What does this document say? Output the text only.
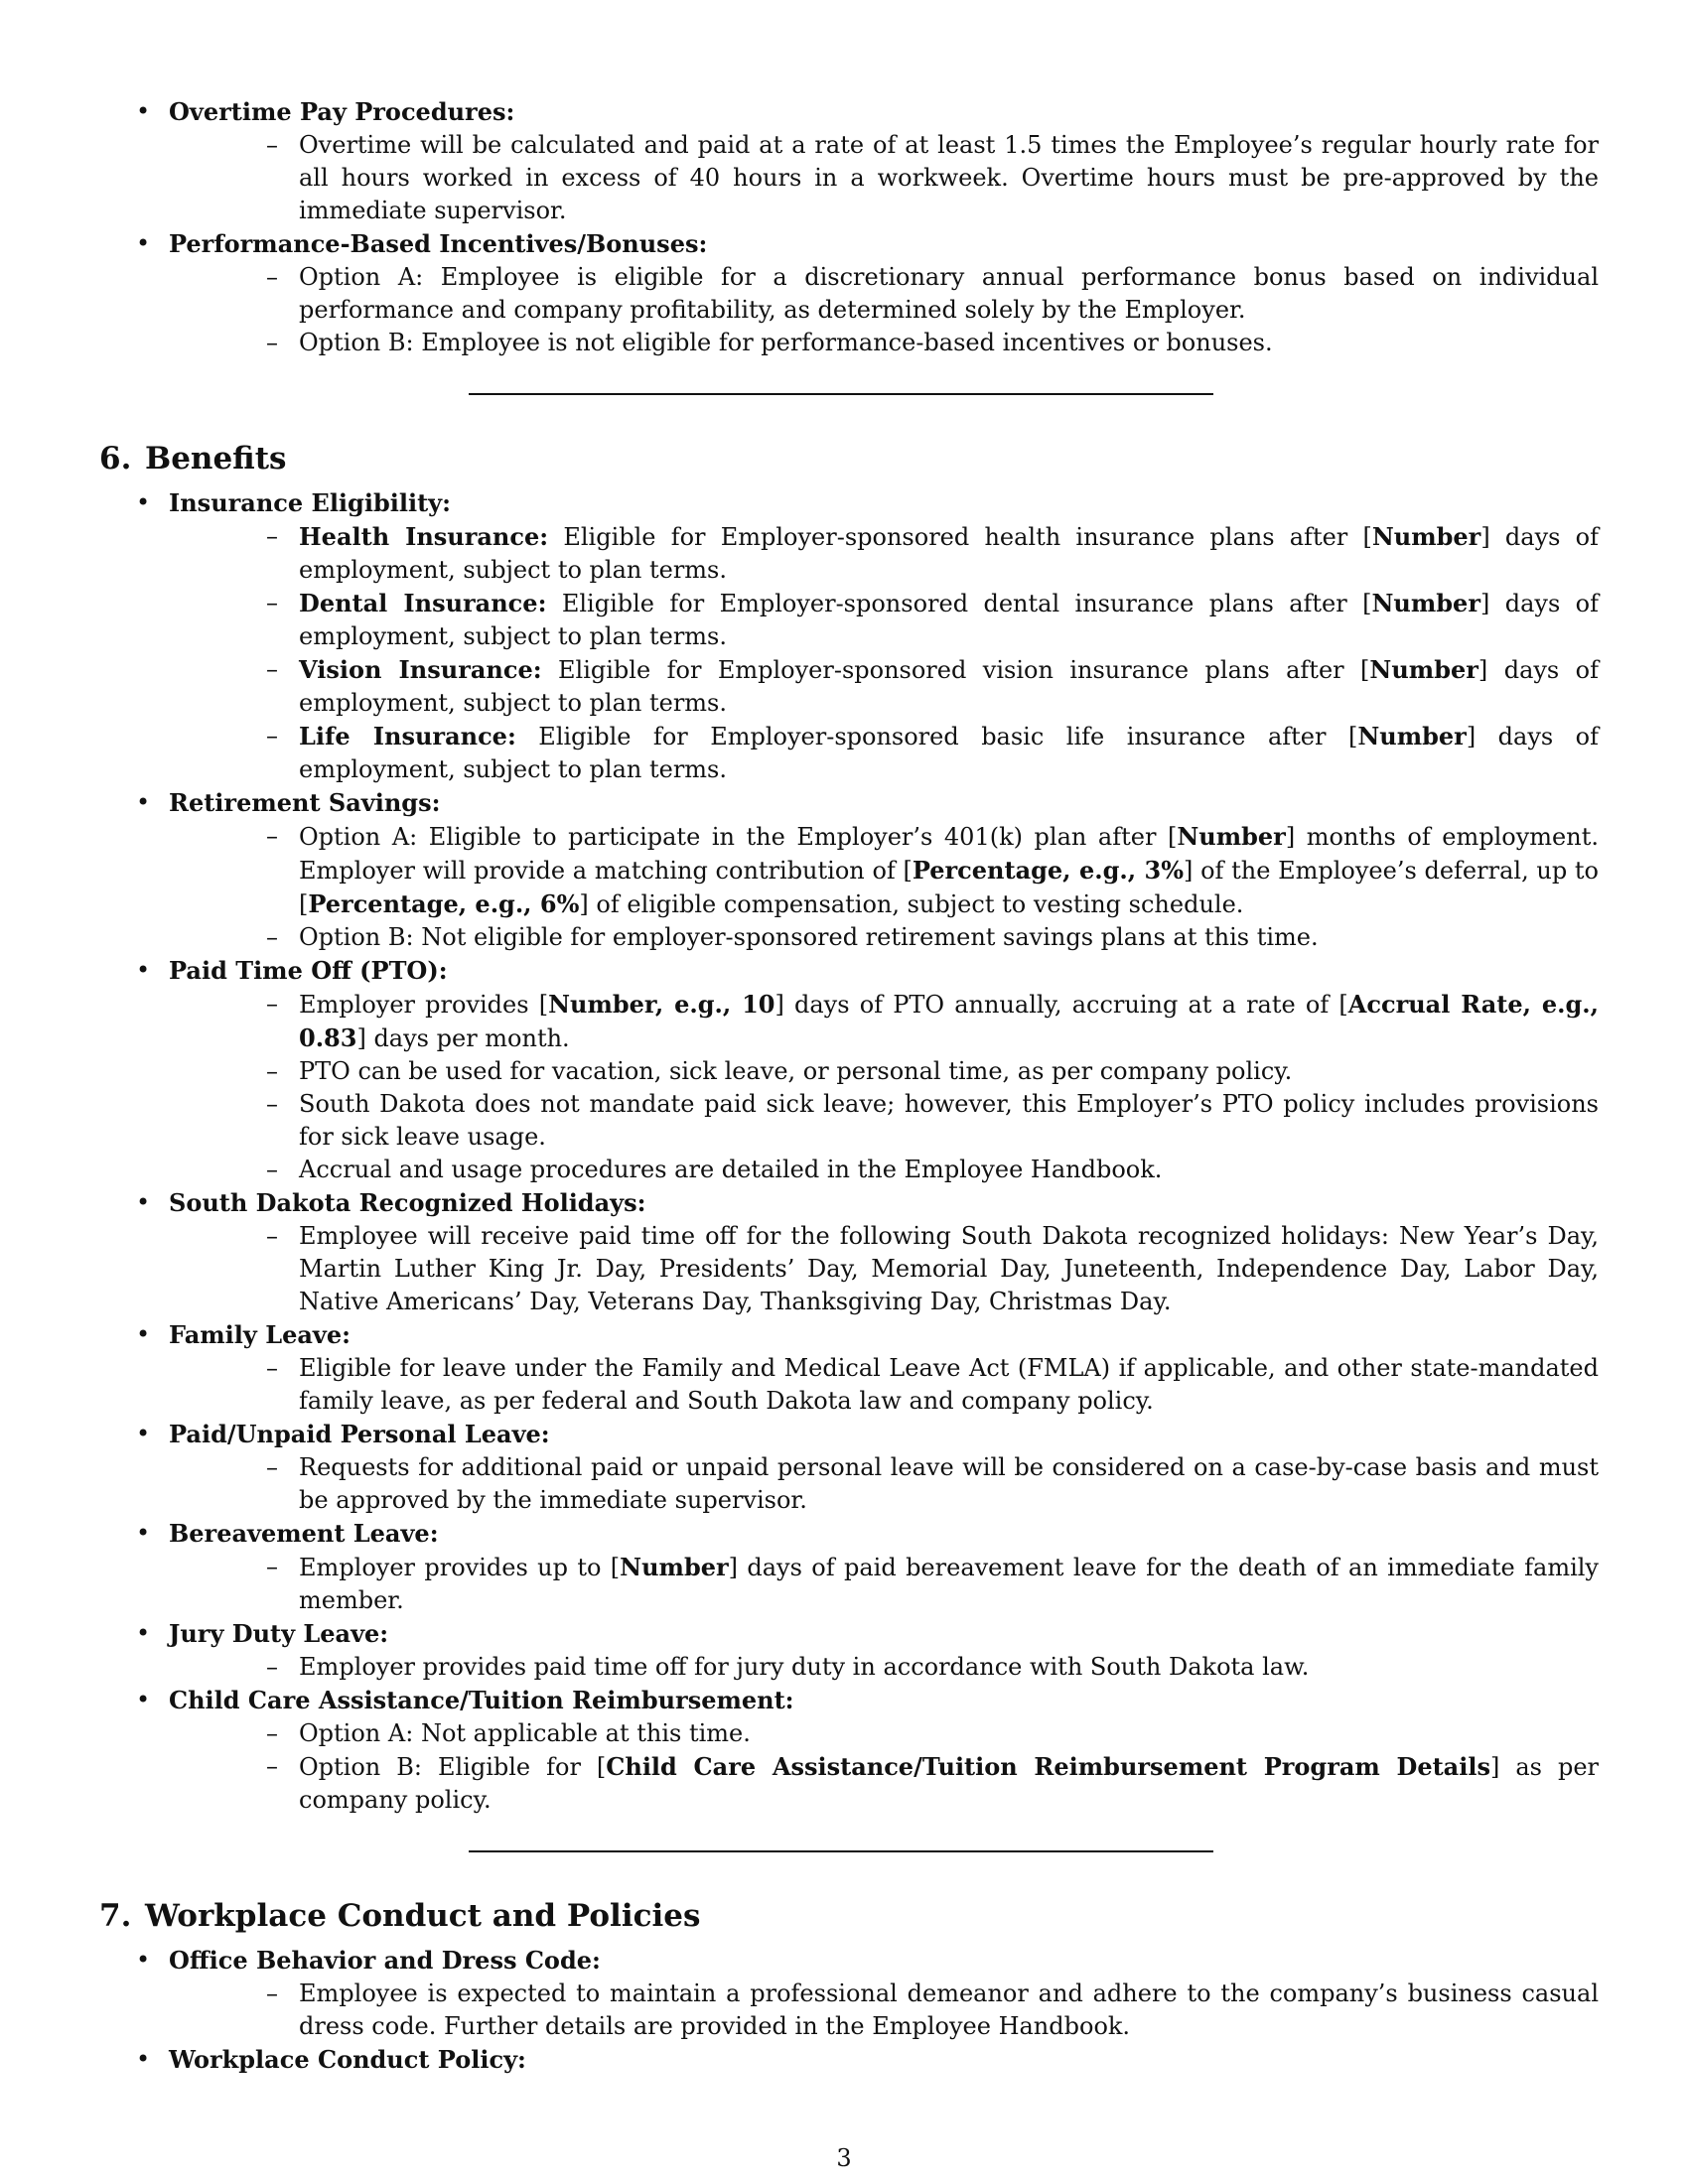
• Overtime Pay Procedures:
– Overtime will be calculated and paid at a rate of at least 1.5 times the Employee’s regular hourly rate for all hours worked in excess of 40 hours in a workweek. Overtime hours must be pre-approved by the immediate supervisor.
• Performance-Based Incentives/Bonuses:
– Option A: Employee is eligible for a discretionary annual performance bonus based on individual performance and company profitability, as determined solely by the Employer.
– Option B: Employee is not eligible for performance-based incentives or bonuses.
6. Benefits
• Insurance Eligibility:
– Health Insurance: Eligible for Employer-sponsored health insurance plans after [Number] days of employment, subject to plan terms.
– Dental Insurance: Eligible for Employer-sponsored dental insurance plans after [Number] days of employment, subject to plan terms.
– Vision Insurance: Eligible for Employer-sponsored vision insurance plans after [Number] days of employment, subject to plan terms.
– Life Insurance: Eligible for Employer-sponsored basic life insurance after [Number] days of employment, subject to plan terms.
• Retirement Savings:
– Option A: Eligible to participate in the Employer’s 401(k) plan after [Number] months of employment. Employer will provide a matching contribution of [Percentage, e.g., 3%] of the Employee’s deferral, up to [Percentage, e.g., 6%] of eligible compensation, subject to vesting schedule.
– Option B: Not eligible for employer-sponsored retirement savings plans at this time.
• Paid Time Off (PTO):
– Employer provides [Number, e.g., 10] days of PTO annually, accruing at a rate of [Accrual Rate, e.g., 0.83] days per month.
– PTO can be used for vacation, sick leave, or personal time, as per company policy.
– South Dakota does not mandate paid sick leave; however, this Employer’s PTO policy includes provisions for sick leave usage.
– Accrual and usage procedures are detailed in the Employee Handbook.
• South Dakota Recognized Holidays:
– Employee will receive paid time off for the following South Dakota recognized holidays: New Year’s Day, Martin Luther King Jr. Day, Presidents’ Day, Memorial Day, Juneteenth, Independence Day, Labor Day, Native Americans’ Day, Veterans Day, Thanksgiving Day, Christmas Day.
• Family Leave:
– Eligible for leave under the Family and Medical Leave Act (FMLA) if applicable, and other state-mandated family leave, as per federal and South Dakota law and company policy.
• Paid/Unpaid Personal Leave:
– Requests for additional paid or unpaid personal leave will be considered on a case-by-case basis and must be approved by the immediate supervisor.
• Bereavement Leave:
– Employer provides up to [Number] days of paid bereavement leave for the death of an immediate family member.
• Jury Duty Leave:
– Employer provides paid time off for jury duty in accordance with South Dakota law.
• Child Care Assistance/Tuition Reimbursement:
– Option A: Not applicable at this time.
– Option B: Eligible for [Child Care Assistance/Tuition Reimbursement Program Details] as per company policy.
7. Workplace Conduct and Policies
• Office Behavior and Dress Code:
– Employee is expected to maintain a professional demeanor and adhere to the company’s business casual dress code. Further details are provided in the Employee Handbook.
• Workplace Conduct Policy:
3
